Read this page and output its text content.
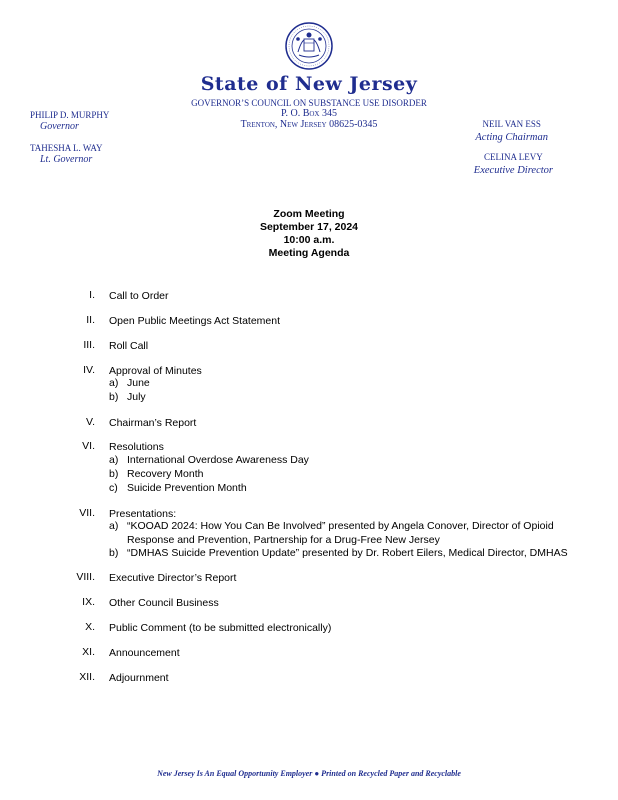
State of New Jersey
GOVERNOR’S COUNCIL ON SUBSTANCE USE DISORDER
P. O. Box 345
Trenton, New Jersey 08625-0345
PHILIP D. MURPHY
Governor
TAHESHA L. WAY
Lt. Governor
NEIL VAN ESS
Acting Chairman
CELINA LEVY
Executive Director
Zoom Meeting
September 17, 2024
10:00 a.m.
Meeting Agenda
I. Call to Order
II. Open Public Meetings Act Statement
III. Roll Call
IV. Approval of Minutes
a) June
b) July
V. Chairman’s Report
VI. Resolutions
a) International Overdose Awareness Day
b) Recovery Month
c) Suicide Prevention Month
VII. Presentations:
a) “KOOAD 2024: How You Can Be Involved” presented by Angela Conover, Director of Opioid Response and Prevention, Partnership for a Drug-Free New Jersey
b) “DMHAS Suicide Prevention Update” presented by Dr. Robert Eilers, Medical Director, DMHAS
VIII. Executive Director’s Report
IX. Other Council Business
X. Public Comment (to be submitted electronically)
XI. Announcement
XII. Adjournment
New Jersey Is An Equal Opportunity Employer ● Printed on Recycled Paper and Recyclable
